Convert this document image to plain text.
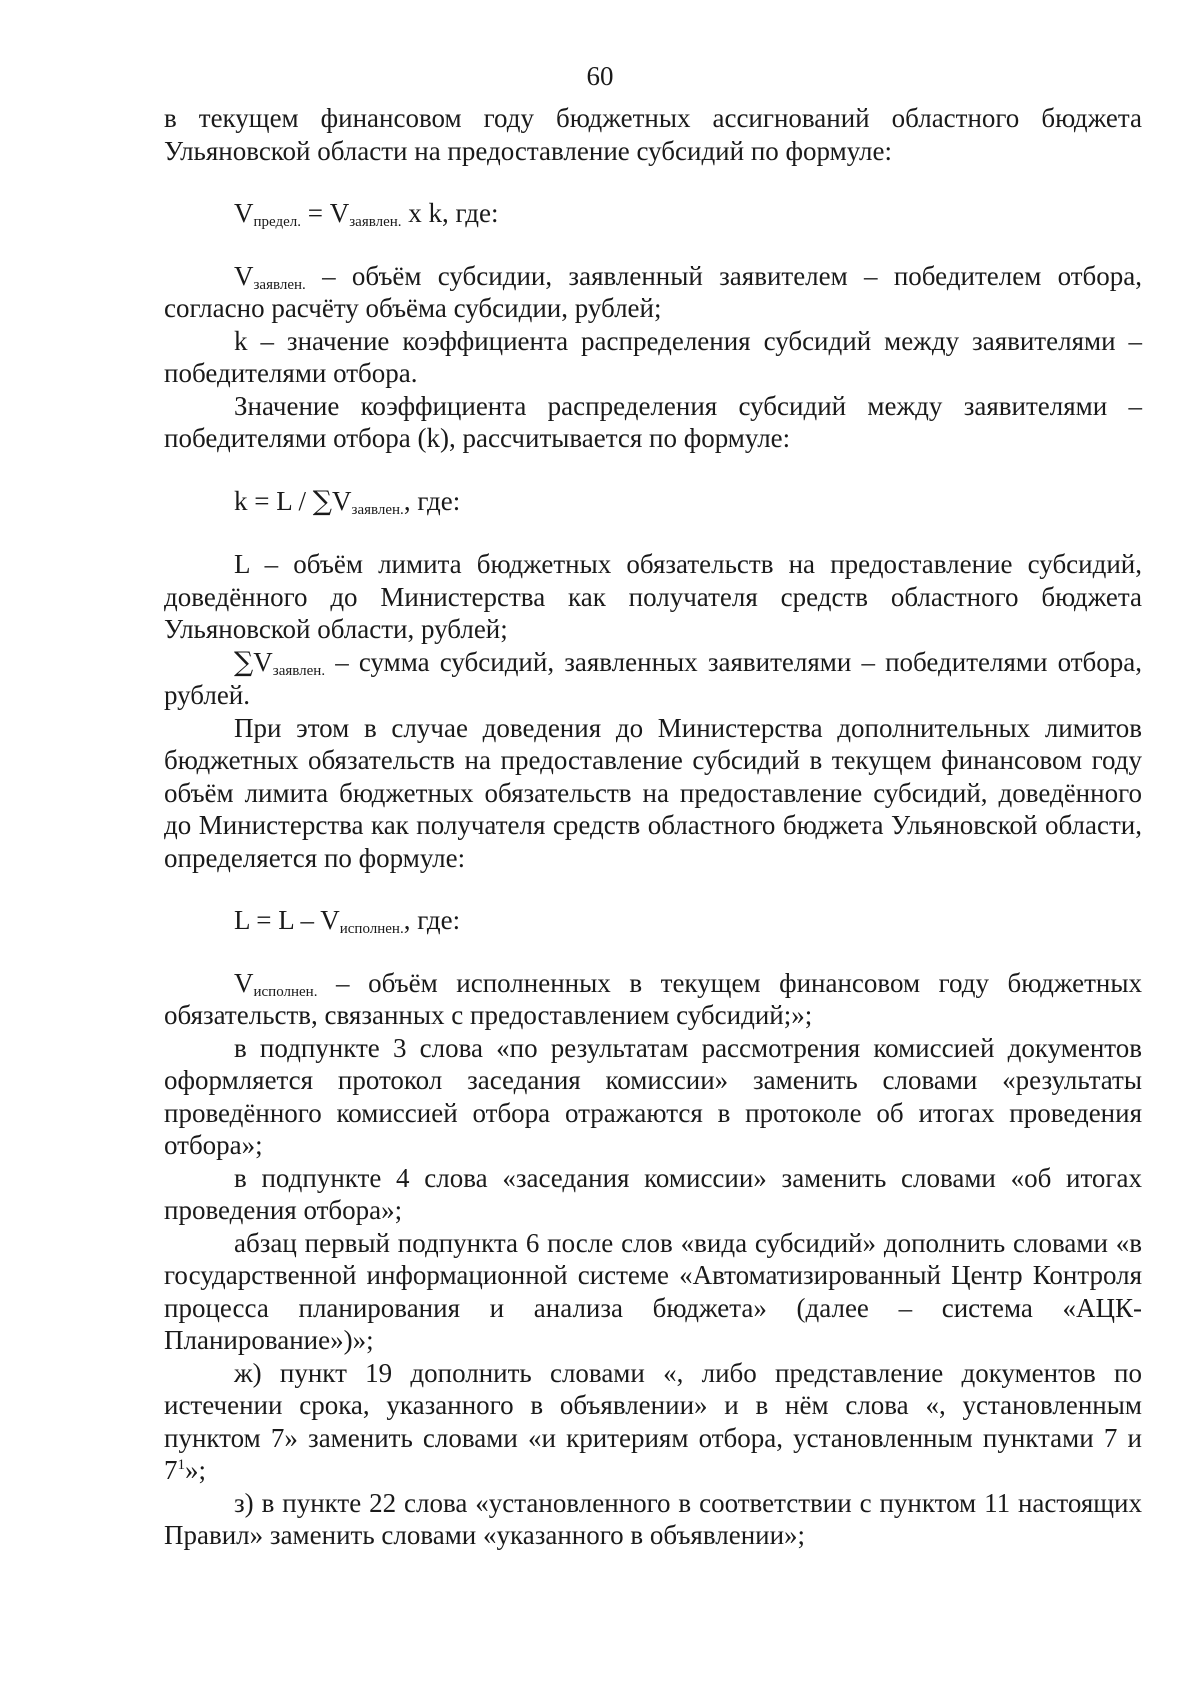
60

в текущем финансовом году бюджетных ассигнований областного бюджета Ульяновской области на предоставление субсидий по формуле:

$V_{предел.} = V_{заявлен.}$ х k, где:

$V_{заявлен.}$ – объём субсидии, заявленный заявителем – победителем отбора, согласно расчёту объёма субсидии, рублей;

k – значение коэффициента распределения субсидий между заявителями – победителями отбора.

Значение коэффициента распределения субсидий между заявителями – победителями отбора (k), рассчитывается по формуле:

$k = L / \sum V_{заявлен.}$, где:

L – объём лимита бюджетных обязательств на предоставление субсидий, доведённого до Министерства как получателя средств областного бюджета Ульяновской области, рублей;

$\sum V_{заявлен.}$ – сумма субсидий, заявленных заявителями – победителями отбора, рублей.

При этом в случае доведения до Министерства дополнительных лимитов бюджетных обязательств на предоставление субсидий в текущем финансовом году объём лимита бюджетных обязательств на предоставление субсидий, доведённого до Министерства как получателя средств областного бюджета Ульяновской области, определяется по формуле:

$L = L - V_{исполнен.}$, где:

$V_{исполнен.}$ – объём исполненных в текущем финансовом году бюджетных обязательств, связанных с предоставлением субсидий;»;

в подпункте 3 слова «по результатам рассмотрения комиссией документов оформляется протокол заседания комиссии» заменить словами «результаты проведённого комиссией отбора отражаются в протоколе об итогах проведения отбора»;

в подпункте 4 слова «заседания комиссии» заменить словами «об итогах проведения отбора»;

абзац первый подпункта 6 после слов «вида субсидий» дополнить словами «в государственной информационной системе «Автоматизированный Центр Контроля процесса планирования и анализа бюджета» (далее – система «АЦК-Планирование»)»;

ж) пункт 19 дополнить словами «, либо представление документов по истечении срока, указанного в объявлении» и в нём слова «, установленным пунктом 7» заменить словами «и критериям отбора, установленным пунктами 7 и $7^1$»;

з) в пункте 22 слова «установленного в соответствии с пунктом 11 настоящих Правил» заменить словами «указанного в объявлении»;
